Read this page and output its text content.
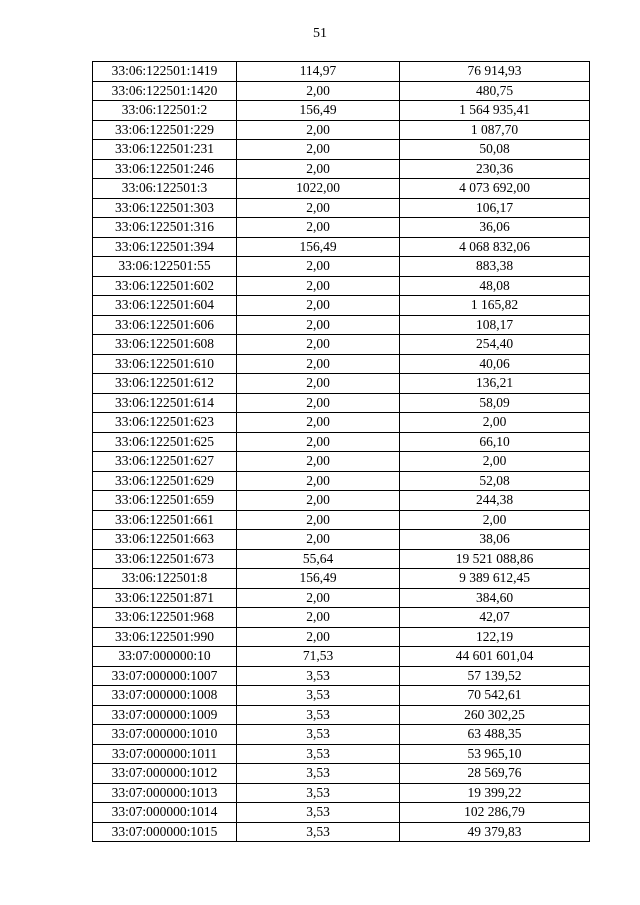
51
33:06:122501:1419	114,97	76 914,93
33:06:122501:1420	2,00	480,75
33:06:122501:2	156,49	1 564 935,41
33:06:122501:229	2,00	1 087,70
33:06:122501:231	2,00	50,08
33:06:122501:246	2,00	230,36
33:06:122501:3	1022,00	4 073 692,00
33:06:122501:303	2,00	106,17
33:06:122501:316	2,00	36,06
33:06:122501:394	156,49	4 068 832,06
33:06:122501:55	2,00	883,38
33:06:122501:602	2,00	48,08
33:06:122501:604	2,00	1 165,82
33:06:122501:606	2,00	108,17
33:06:122501:608	2,00	254,40
33:06:122501:610	2,00	40,06
33:06:122501:612	2,00	136,21
33:06:122501:614	2,00	58,09
33:06:122501:623	2,00	2,00
33:06:122501:625	2,00	66,10
33:06:122501:627	2,00	2,00
33:06:122501:629	2,00	52,08
33:06:122501:659	2,00	244,38
33:06:122501:661	2,00	2,00
33:06:122501:663	2,00	38,06
33:06:122501:673	55,64	19 521 088,86
33:06:122501:8	156,49	9 389 612,45
33:06:122501:871	2,00	384,60
33:06:122501:968	2,00	42,07
33:06:122501:990	2,00	122,19
33:07:000000:10	71,53	44 601 601,04
33:07:000000:1007	3,53	57 139,52
33:07:000000:1008	3,53	70 542,61
33:07:000000:1009	3,53	260 302,25
33:07:000000:1010	3,53	63 488,35
33:07:000000:1011	3,53	53 965,10
33:07:000000:1012	3,53	28 569,76
33:07:000000:1013	3,53	19 399,22
33:07:000000:1014	3,53	102 286,79
33:07:000000:1015	3,53	49 379,83
